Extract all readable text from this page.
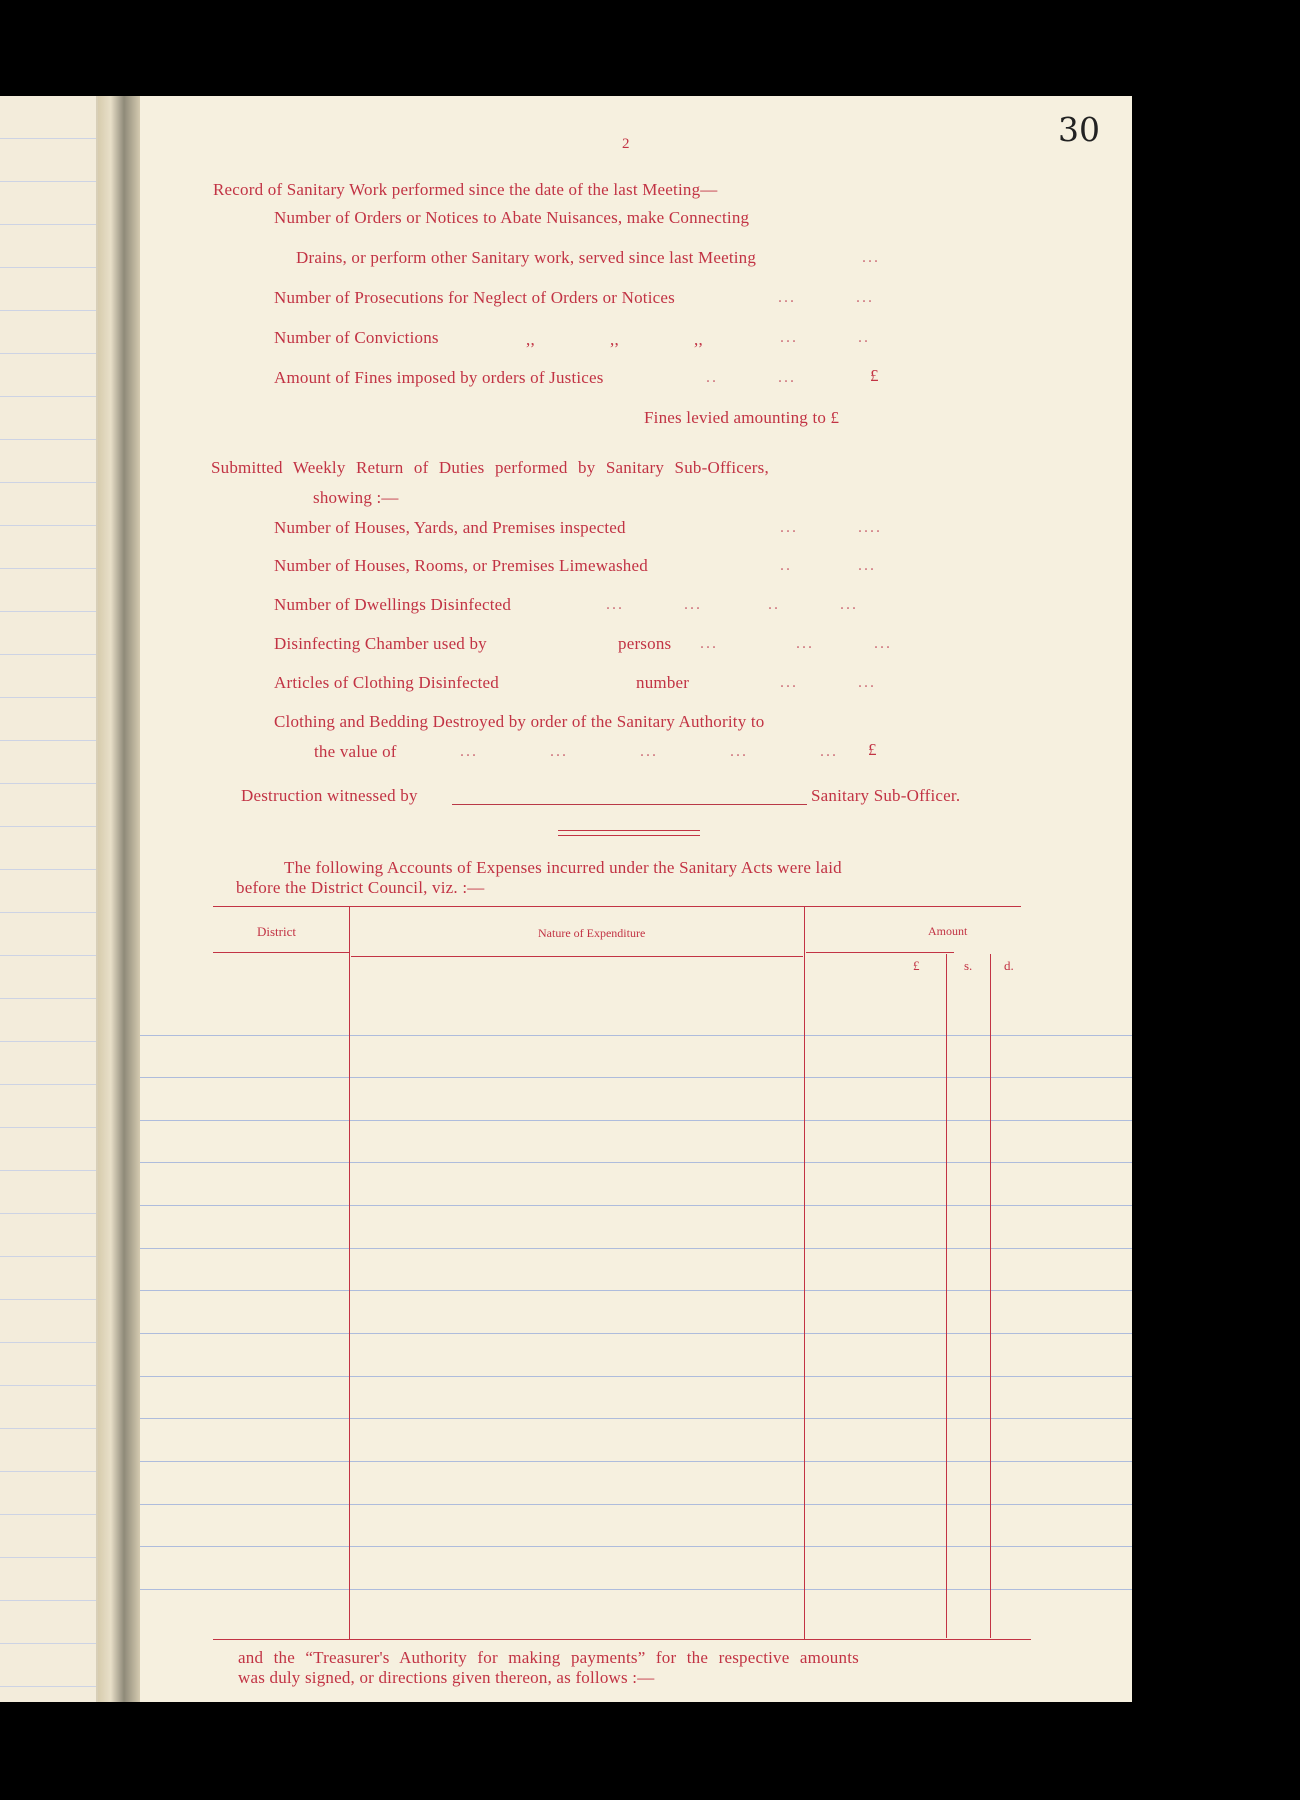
2
Record of Sanitary Work performed since the date of the last Meeting—
Number of Orders or Notices to Abate Nuisances, make Connecting
Drains, or perform other Sanitary work, served since last Meeting	...
Number of Prosecutions for Neglect of Orders or Notices	...          ...
Number of Convictions	,,	,,	,,	...          ..
Amount of Fines imposed by orders of Justices	..          ...	£
Fines levied amounting to £
Submitted Weekly Return of Duties performed by Sanitary Sub-Officers,
showing :—
Number of Houses, Yards, and Premises inspected	...          ....
Number of Houses, Rooms, or Premises Limewashed	..           ...
Number of Dwellings Disinfected	...          ...           ..          ...
Disinfecting Chamber used by	persons ...             ...          ...
Articles of Clothing Disinfected	number	...          ...
Clothing and Bedding Destroyed by order of the Sanitary Authority to
the value of	...            ...            ...            ...            ... £
Destruction witnessed by	Sanitary Sub-Officer.
The following Accounts of Expenses incurred under the Sanitary Acts were laid
before the District Council, viz. :—
District	Nature of Expenditure	Amount
£	s. d.
and the “Treasurer's Authority for making payments” for the respective amounts
was duly signed, or directions given thereon, as follows :—
30
